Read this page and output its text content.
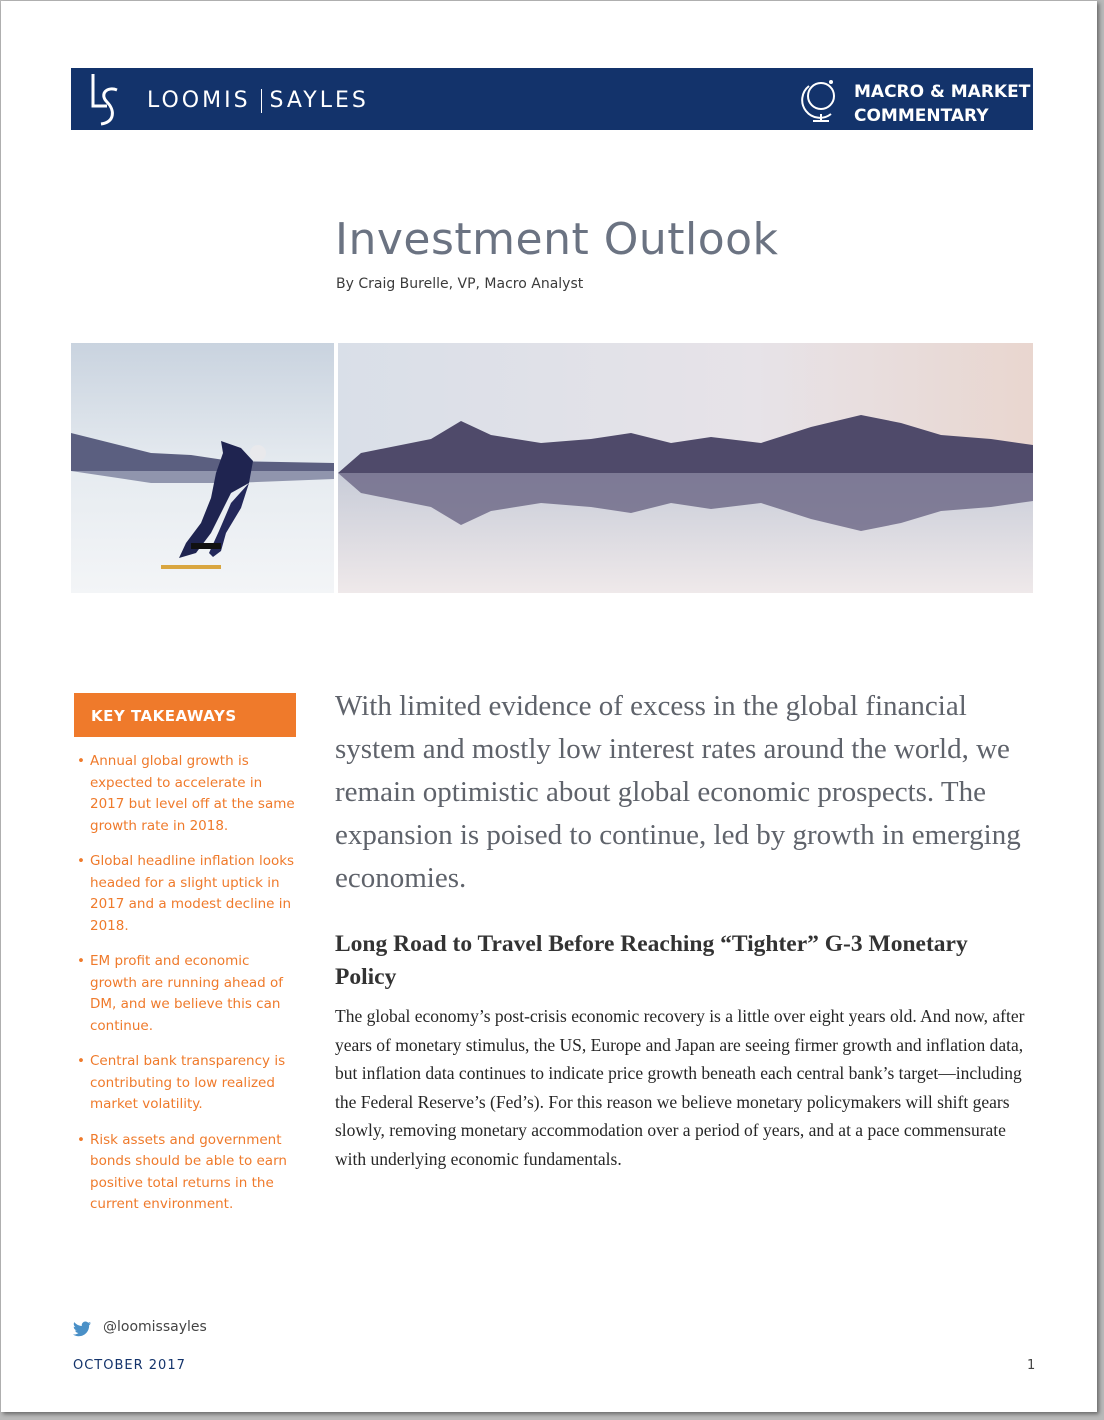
LOOMIS SAYLES	MACRO & MARKET
COMMENTARY
Investment Outlook
By Craig Burelle, VP, Macro Analyst
KEY TAKEAWAYS
• Annual global growth is expected to accelerate in 2017 but level off at the same growth rate in 2018.
• Global headline inflation looks headed for a slight uptick in 2017 and a modest decline in 2018.
• EM profit and economic growth are running ahead of DM, and we believe this can continue.
• Central bank transparency is contributing to low realized market volatility.
• Risk assets and government bonds should be able to earn positive total returns in the current environment.

With limited evidence of excess in the global financial system and mostly low interest rates around the world, we remain optimistic about global economic prospects. The expansion is poised to continue, led by growth in emerging economies.

Long Road to Travel Before Reaching “Tighter” G-3 Monetary Policy

The global economy’s post-crisis economic recovery is a little over eight years old. And now, after years of monetary stimulus, the US, Europe and Japan are seeing firmer growth and inflation data, but inflation data continues to indicate price growth beneath each central bank’s target—including the Federal Reserve’s (Fed’s). For this reason we believe monetary policymakers will shift gears slowly, removing monetary accommodation over a period of years, and at a pace commensurate with underlying economic fundamentals.

@loomissayles
OCTOBER 2017	1
